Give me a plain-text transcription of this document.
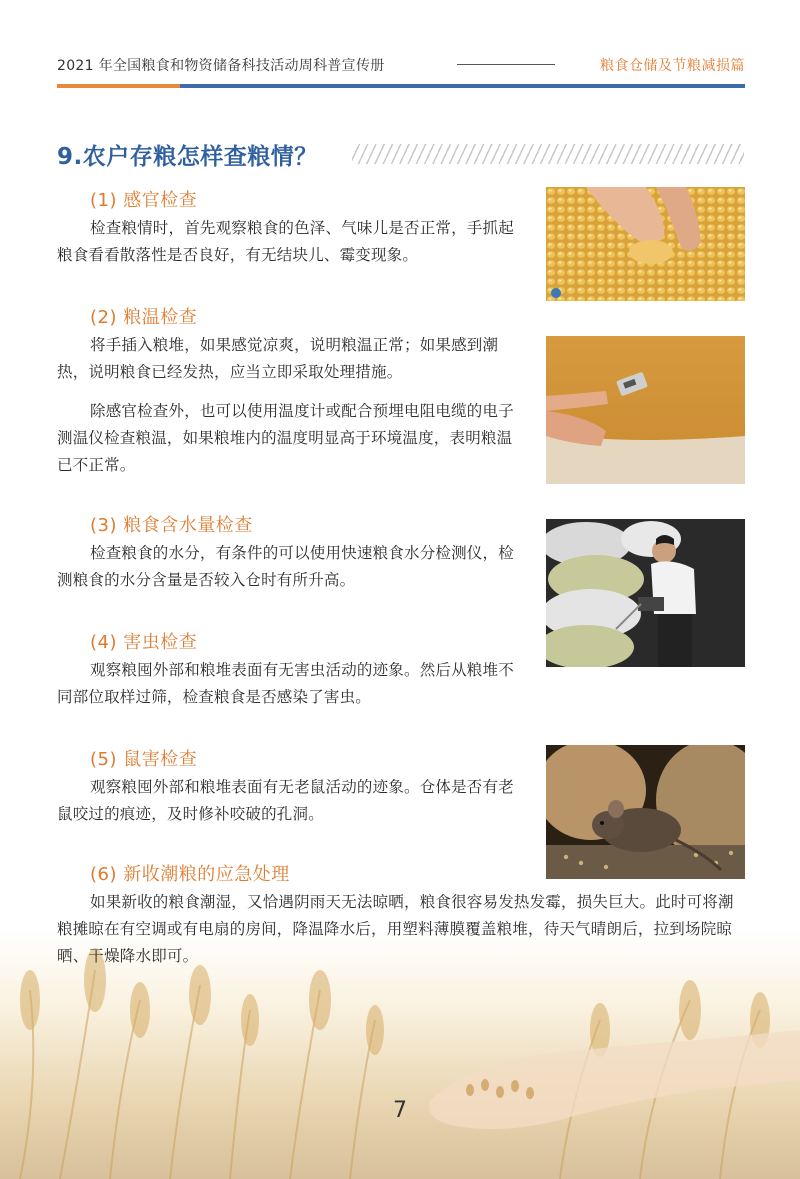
2021 年全国粮食和物资储备科技活动周科普宣传册	粮食仓储及节粮减损篇
9.农户存粮怎样查粮情？
(1) 感官检查
检查粮情时，首先观察粮食的色泽、气味儿是否正常，手抓起粮食看看散落性是否良好，有无结块儿、霉变现象。
(2) 粮温检查
将手插入粮堆，如果感觉凉爽，说明粮温正常；如果感到潮热，说明粮食已经发热，应当立即采取处理措施。
除感官检查外，也可以使用温度计或配合预埋电阻电缆的电子测温仪检查粮温，如果粮堆内的温度明显高于环境温度，表明粮温已不正常。
(3) 粮食含水量检查
检查粮食的水分，有条件的可以使用快速粮食水分检测仪，检测粮食的水分含量是否较入仓时有所升高。
(4) 害虫检查
观察粮囤外部和粮堆表面有无害虫活动的迹象。然后从粮堆不同部位取样过筛，检查粮食是否感染了害虫。
(5) 鼠害检查
观察粮囤外部和粮堆表面有无老鼠活动的迹象。仓体是否有老鼠咬过的痕迹，及时修补咬破的孔洞。
(6) 新收潮粮的应急处理
如果新收的粮食潮湿，又恰遇阴雨天无法晾晒，粮食很容易发热发霉，损失巨大。此时可将潮粮摊晾在有空调或有电扇的房间，降温降水后，用塑料薄膜覆盖粮堆，待天气晴朗后，拉到场院晾晒、干燥降水即可。
7
